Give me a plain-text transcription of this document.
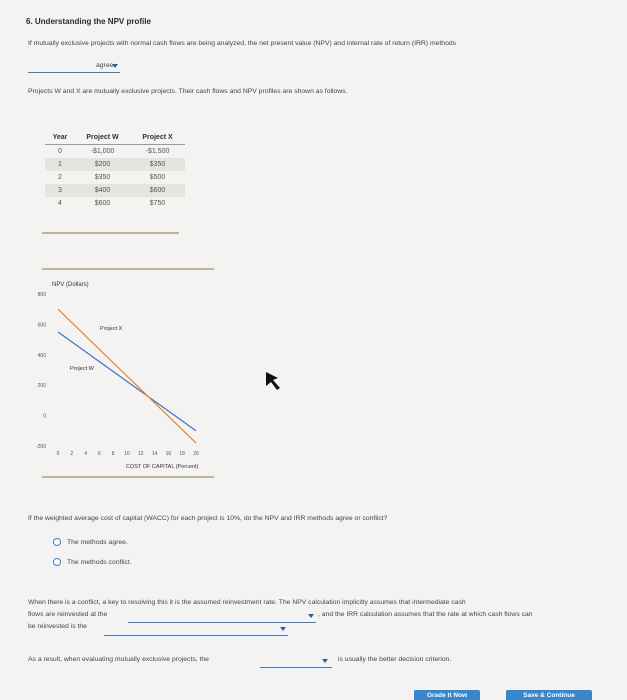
6. Understanding the NPV profile
If mutually exclusive projects with normal cash flows are being analyzed, the net present value (NPV) and internal rate of return (IRR) methods
agree.
Projects W and X are mutually exclusive projects. Their cash flows and NPV profiles are shown as follows.
Year	Project W	Project X
0	-$1,000	-$1,500
1	$200	$350
2	$350	$500
3	$400	$600
4	$600	$750
NPV (Dollars)
800
600
400
200
0
-200
0 2 4 6 8 10 12 14 16 18 20
Project X
Project W
COST OF CAPITAL (Percent)
If the weighted average cost of capital (WACC) for each project is 10%, do the NPV and IRR methods agree or conflict?
The methods agree.
The methods conflict.
When there is a conflict, a key to resolving this it is the assumed reinvestment rate. The NPV calculation implicitly assumes that intermediate cash
flows are reinvested at the	, and the IRR calculation assumes that the rate at which cash flows can
be reinvested is the
As a result, when evaluating mutually exclusive projects, the	is usually the better decision criterion.
Grade It Now	Save & Continue
